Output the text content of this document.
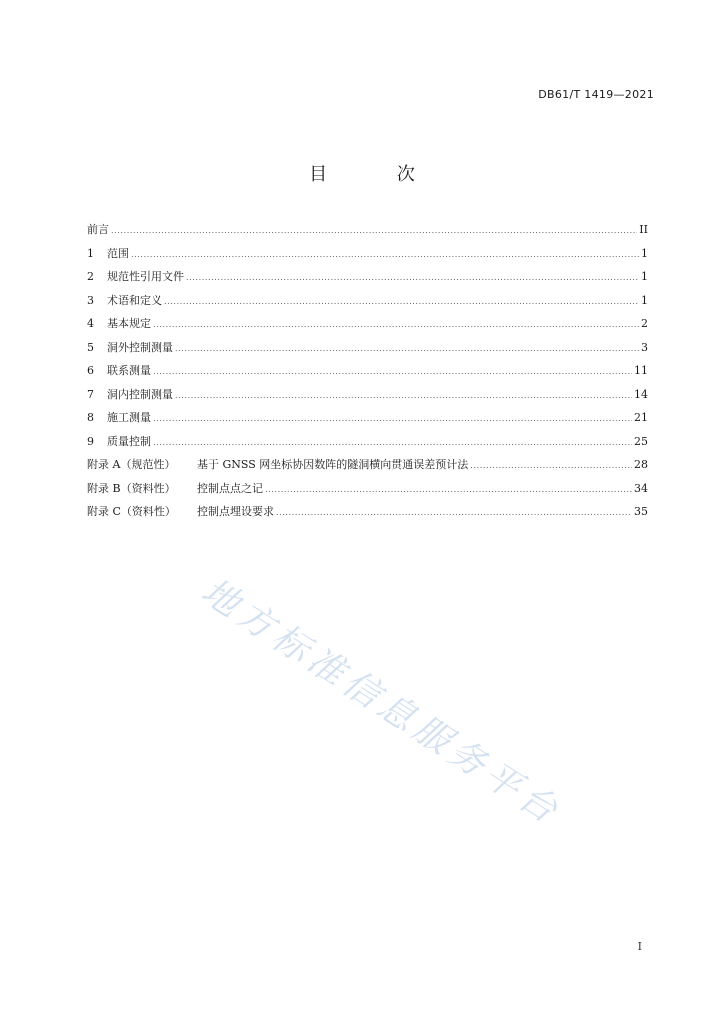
DB61/T 1419—2021
目 次
前言 .....	II
1	范围 .....	1
2	规范性引用文件 .....	1
3	术语和定义 .....	1
4	基本规定 .....	2
5	洞外控制测量 .....	3
6	联系测量 .....	11
7	洞内控制测量 .....	14
8	施工测量 .....	21
9	质量控制 .....	25
附录 A（规范性）	基于 GNSS 网坐标协因数阵的隧洞横向贯通误差预计法 .....	28
附录 B（资料性）	控制点点之记 .....	34
附录 C（资料性）	控制点埋设要求 .....	35
地方标准信息服务平台
I
